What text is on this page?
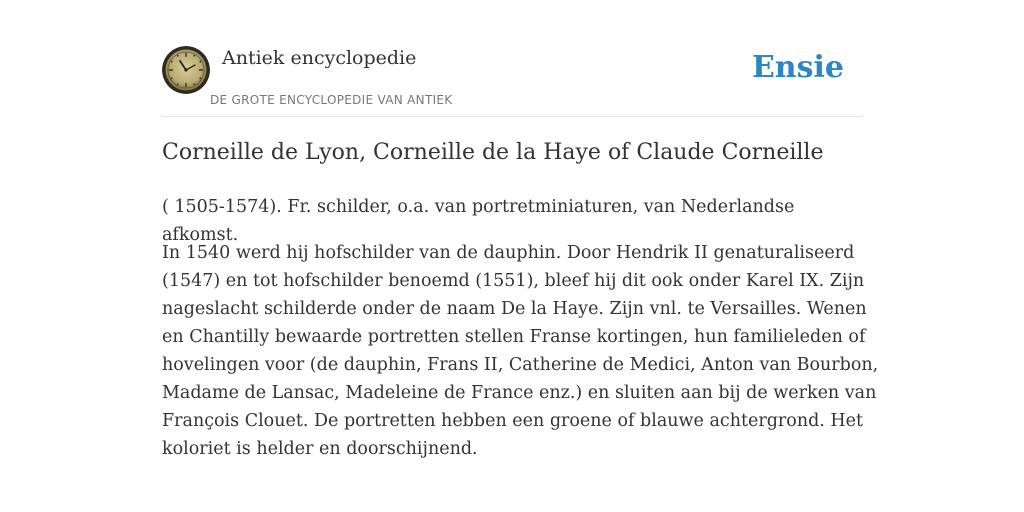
Antiek encyclopedie
DE GROTE ENCYCLOPEDIE VAN ANTIEK
Ensie
Corneille de Lyon, Corneille de la Haye of Claude Corneille

( 1505-1574). Fr. schilder, o.a. van portretminiaturen, van Nederlandse afkomst.

In 1540 werd hij hofschilder van de dauphin. Door Hendrik II genaturaliseerd
(1547) en tot hofschilder benoemd (1551), bleef hij dit ook onder Karel IX. Zijn
nageslacht schilderde onder de naam De la Haye. Zijn vnl. te Versailles. Wenen
en Chantilly bewaarde portretten stellen Franse kortingen, hun familieleden of
hovelingen voor (de dauphin, Frans II, Catherine de Medici, Anton van Bourbon,
Madame de Lansac, Madeleine de France enz.) en sluiten aan bij de werken van
François Clouet. De portretten hebben een groene of blauwe achtergrond. Het
koloriet is helder en doorschijnend.
